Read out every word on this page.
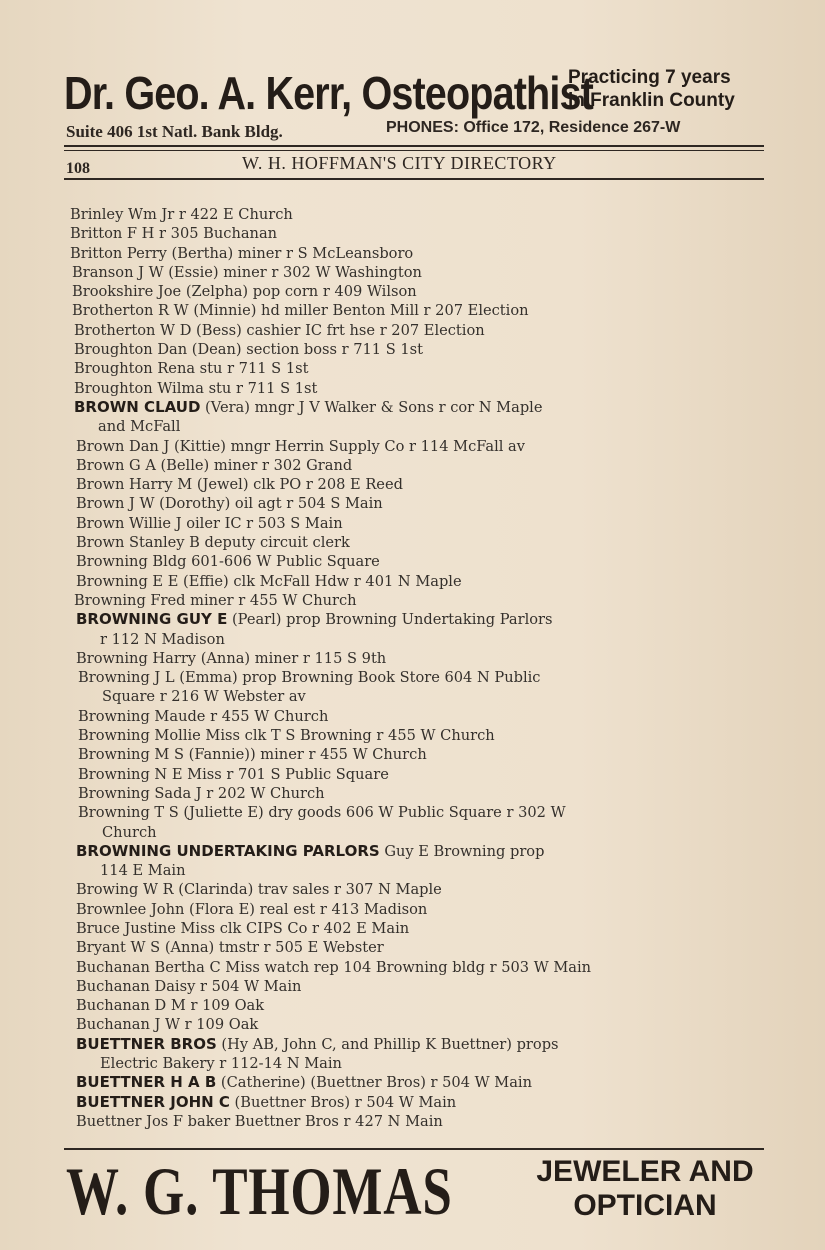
Dr. Geo. A. Kerr, Osteopathist
Practicing 7 years
in Franklin County
Suite 406 1st Natl. Bank Bldg.	PHONES: Office 172, Residence 267-W
108	W. H. HOFFMAN'S CITY DIRECTORY
Brinley Wm Jr r 422 E Church
Britton F H r 305 Buchanan
Britton Perry (Bertha) miner r S McLeansboro
Branson J W (Essie) miner r 302 W Washington
Brookshire Joe (Zelpha) pop corn r 409 Wilson
Brotherton R W (Minnie) hd miller Benton Mill r 207 Election
Brotherton W D (Bess) cashier IC frt hse r 207 Election
Broughton Dan (Dean) section boss r 711 S 1st
Broughton Rena stu r 711 S 1st
Broughton Wilma stu r 711 S 1st
BROWN CLAUD (Vera) mngr J V Walker & Sons r cor N Maple
and McFall
Brown Dan J (Kittie) mngr Herrin Supply Co r 114 McFall av
Brown G A (Belle) miner r 302 Grand
Brown Harry M (Jewel) clk PO r 208 E Reed
Brown J W (Dorothy) oil agt r 504 S Main
Brown Willie J oiler IC r 503 S Main
Brown Stanley B deputy circuit clerk
Browning Bldg 601-606 W Public Square
Browning E E (Effie) clk McFall Hdw r 401 N Maple
Browning Fred miner r 455 W Church
BROWNING GUY E (Pearl) prop Browning Undertaking Parlors
r 112 N Madison
Browning Harry (Anna) miner r 115 S 9th
Browning J L (Emma) prop Browning Book Store 604 N Public
Square r 216 W Webster av
Browning Maude r 455 W Church
Browning Mollie Miss clk T S Browning r 455 W Church
Browning M S (Fannie)) miner r 455 W Church
Browning N E Miss r 701 S Public Square
Browning Sada J r 202 W Church
Browning T S (Juliette E) dry goods 606 W Public Square r 302 W
Church
BROWNING UNDERTAKING PARLORS Guy E Browning prop
114 E Main
Browing W R (Clarinda) trav sales r 307 N Maple
Brownlee John (Flora E) real est r 413 Madison
Bruce Justine Miss clk CIPS Co r 402 E Main
Bryant W S (Anna) tmstr r 505 E Webster
Buchanan Bertha C Miss watch rep 104 Browning bldg r 503 W Main
Buchanan Daisy r 504 W Main
Buchanan D M r 109 Oak
Buchanan J W r 109 Oak
BUETTNER BROS (Hy AB, John C, and Phillip K Buettner) props
Electric Bakery r 112-14 N Main
BUETTNER H A B (Catherine) (Buettner Bros) r 504 W Main
BUETTNER JOHN C (Buettner Bros) r 504 W Main
Buettner Jos F baker Buettner Bros r 427 N Main
W. G. THOMAS	JEWELER AND
OPTICIAN
